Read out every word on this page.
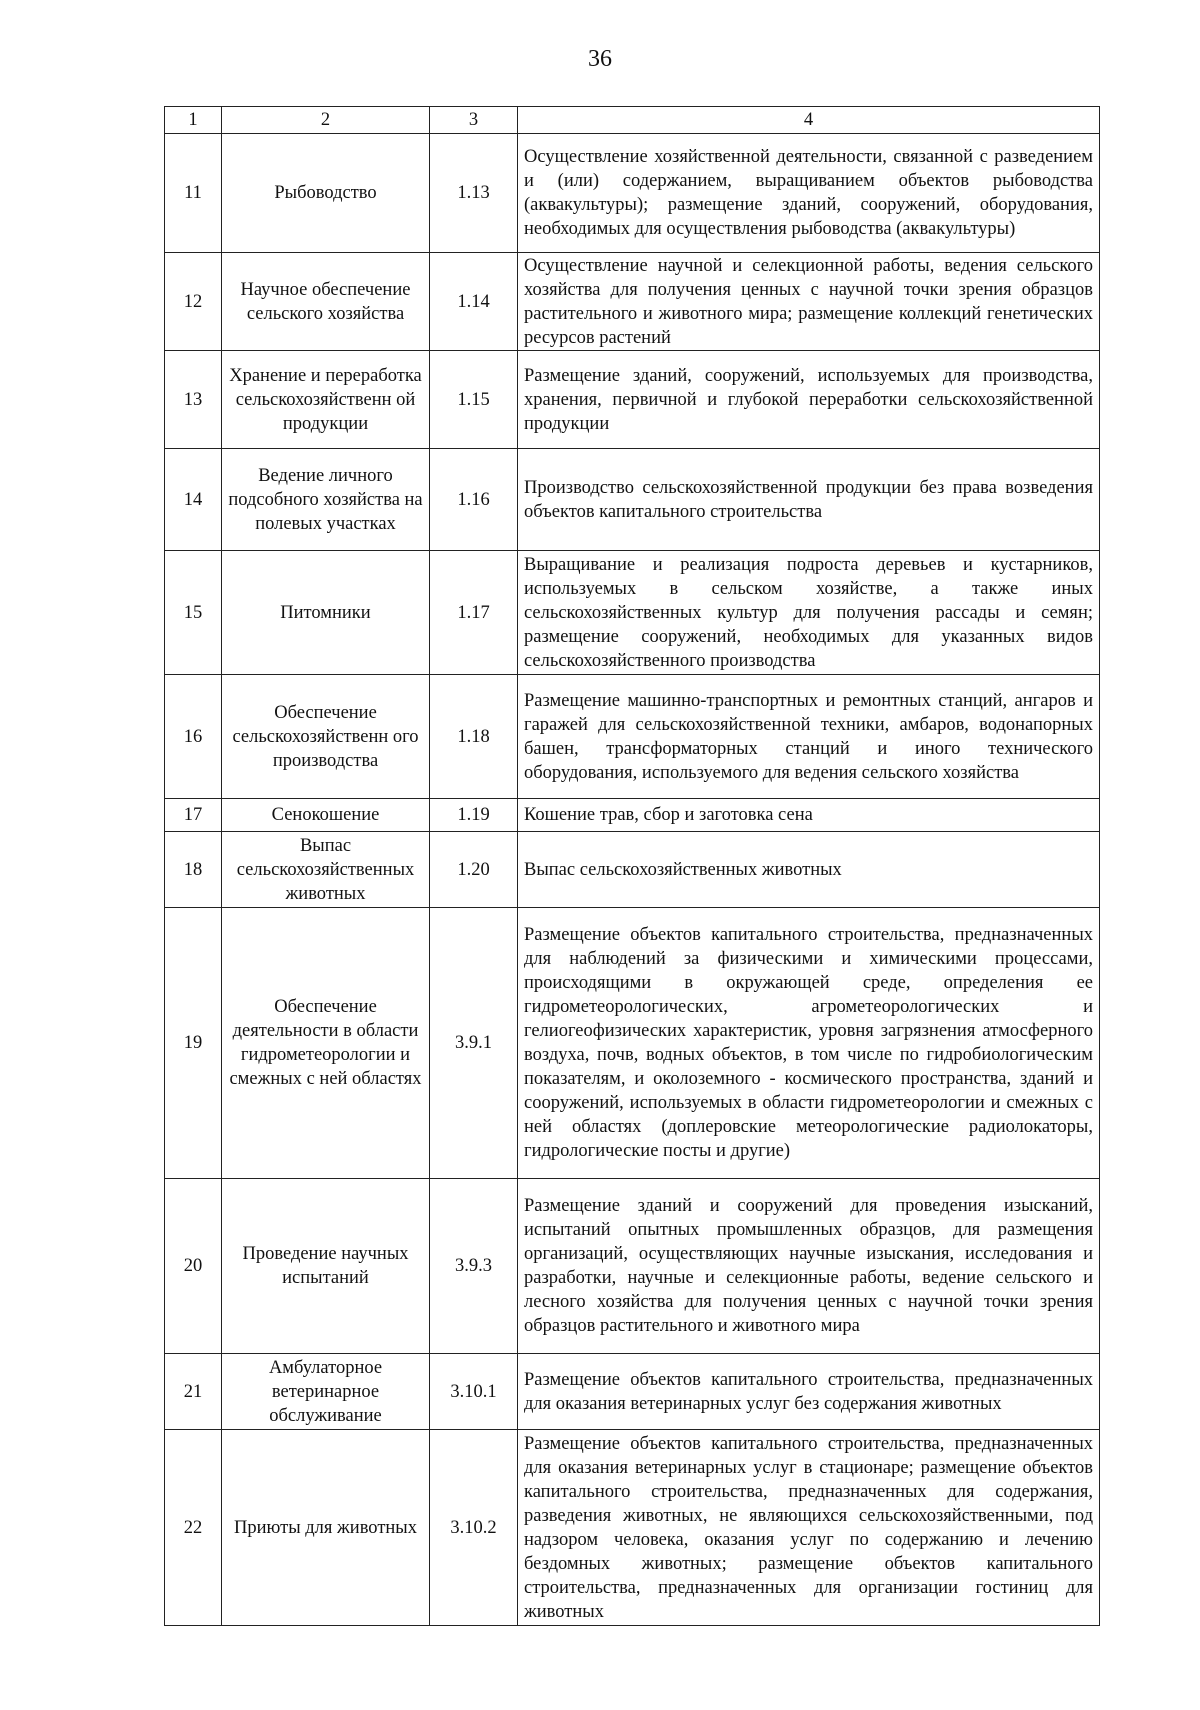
36
1	2	3	4
11	Рыбоводство	1.13	Осуществление хозяйственной деятельности, связанной с разведением и (или) содержанием, выращиванием объектов рыбоводства (аквакультуры); размещение зданий, сооружений, оборудования, необходимых для осуществления рыбоводства (аквакультуры)
12	Научное обеспечение сельского хозяйства	1.14	Осуществление научной и селекционной работы, ведения сельского хозяйства для получения ценных с научной точки зрения образцов растительного и животного мира; размещение коллекций генетических ресурсов растений
13	Хранение и переработка сельскохозяйственн ой продукции	1.15	Размещение зданий, сооружений, используемых для производства, хранения, первичной и глубокой переработки сельскохозяйственной продукции
14	Ведение личного подсобного хозяйства на полевых участках	1.16	Производство сельскохозяйственной продукции без права возведения объектов капитального строительства
15	Питомники	1.17	Выращивание и реализация подроста деревьев и кустарников, используемых в сельском хозяйстве, а также иных сельскохозяйственных культур для получения рассады и семян; размещение сооружений, необходимых для указанных видов сельскохозяйственного производства
16	Обеспечение сельскохозяйственн ого производства	1.18	Размещение машинно-транспортных и ремонтных станций, ангаров и гаражей для сельскохозяйственной техники, амбаров, водонапорных башен, трансформаторных станций и иного технического оборудования, используемого для ведения сельского хозяйства
17	Сенокошение	1.19	Кошение трав, сбор и заготовка сена
18	Выпас сельскохозяйственных животных	1.20	Выпас сельскохозяйственных животных
19	Обеспечение деятельности в области гидрометеорологии и смежных с ней областях	3.9.1	Размещение объектов капитального строительства, предназначенных для наблюдений за физическими и химическими процессами, происходящими в окружающей среде, определения ее гидрометеорологических, агрометеорологических и гелиогеофизических характеристик, уровня загрязнения атмосферного воздуха, почв, водных объектов, в том числе по гидробиологическим показателям, и околоземного - космического пространства, зданий и сооружений, используемых в области гидрометеорологии и смежных с ней областях (доплеровские метеорологические радиолокаторы, гидрологические посты и другие)
20	Проведение научных испытаний	3.9.3	Размещение зданий и сооружений для проведения изысканий, испытаний опытных промышленных образцов, для размещения организаций, осуществляющих научные изыскания, исследования и разработки, научные и селекционные работы, ведение сельского и лесного хозяйства для получения ценных с научной точки зрения образцов растительного и животного мира
21	Амбулаторное ветеринарное обслуживание	3.10.1	Размещение объектов капитального строительства, предназначенных для оказания ветеринарных услуг без содержания животных
22	Приюты для животных	3.10.2	Размещение объектов капитального строительства, предназначенных для оказания ветеринарных услуг в стационаре; размещение объектов капитального строительства, предназначенных для содержания, разведения животных, не являющихся сельскохозяйственными, под надзором человека, оказания услуг по содержанию и лечению бездомных животных; размещение объектов капитального строительства, предназначенных для организации гостиниц для животных
